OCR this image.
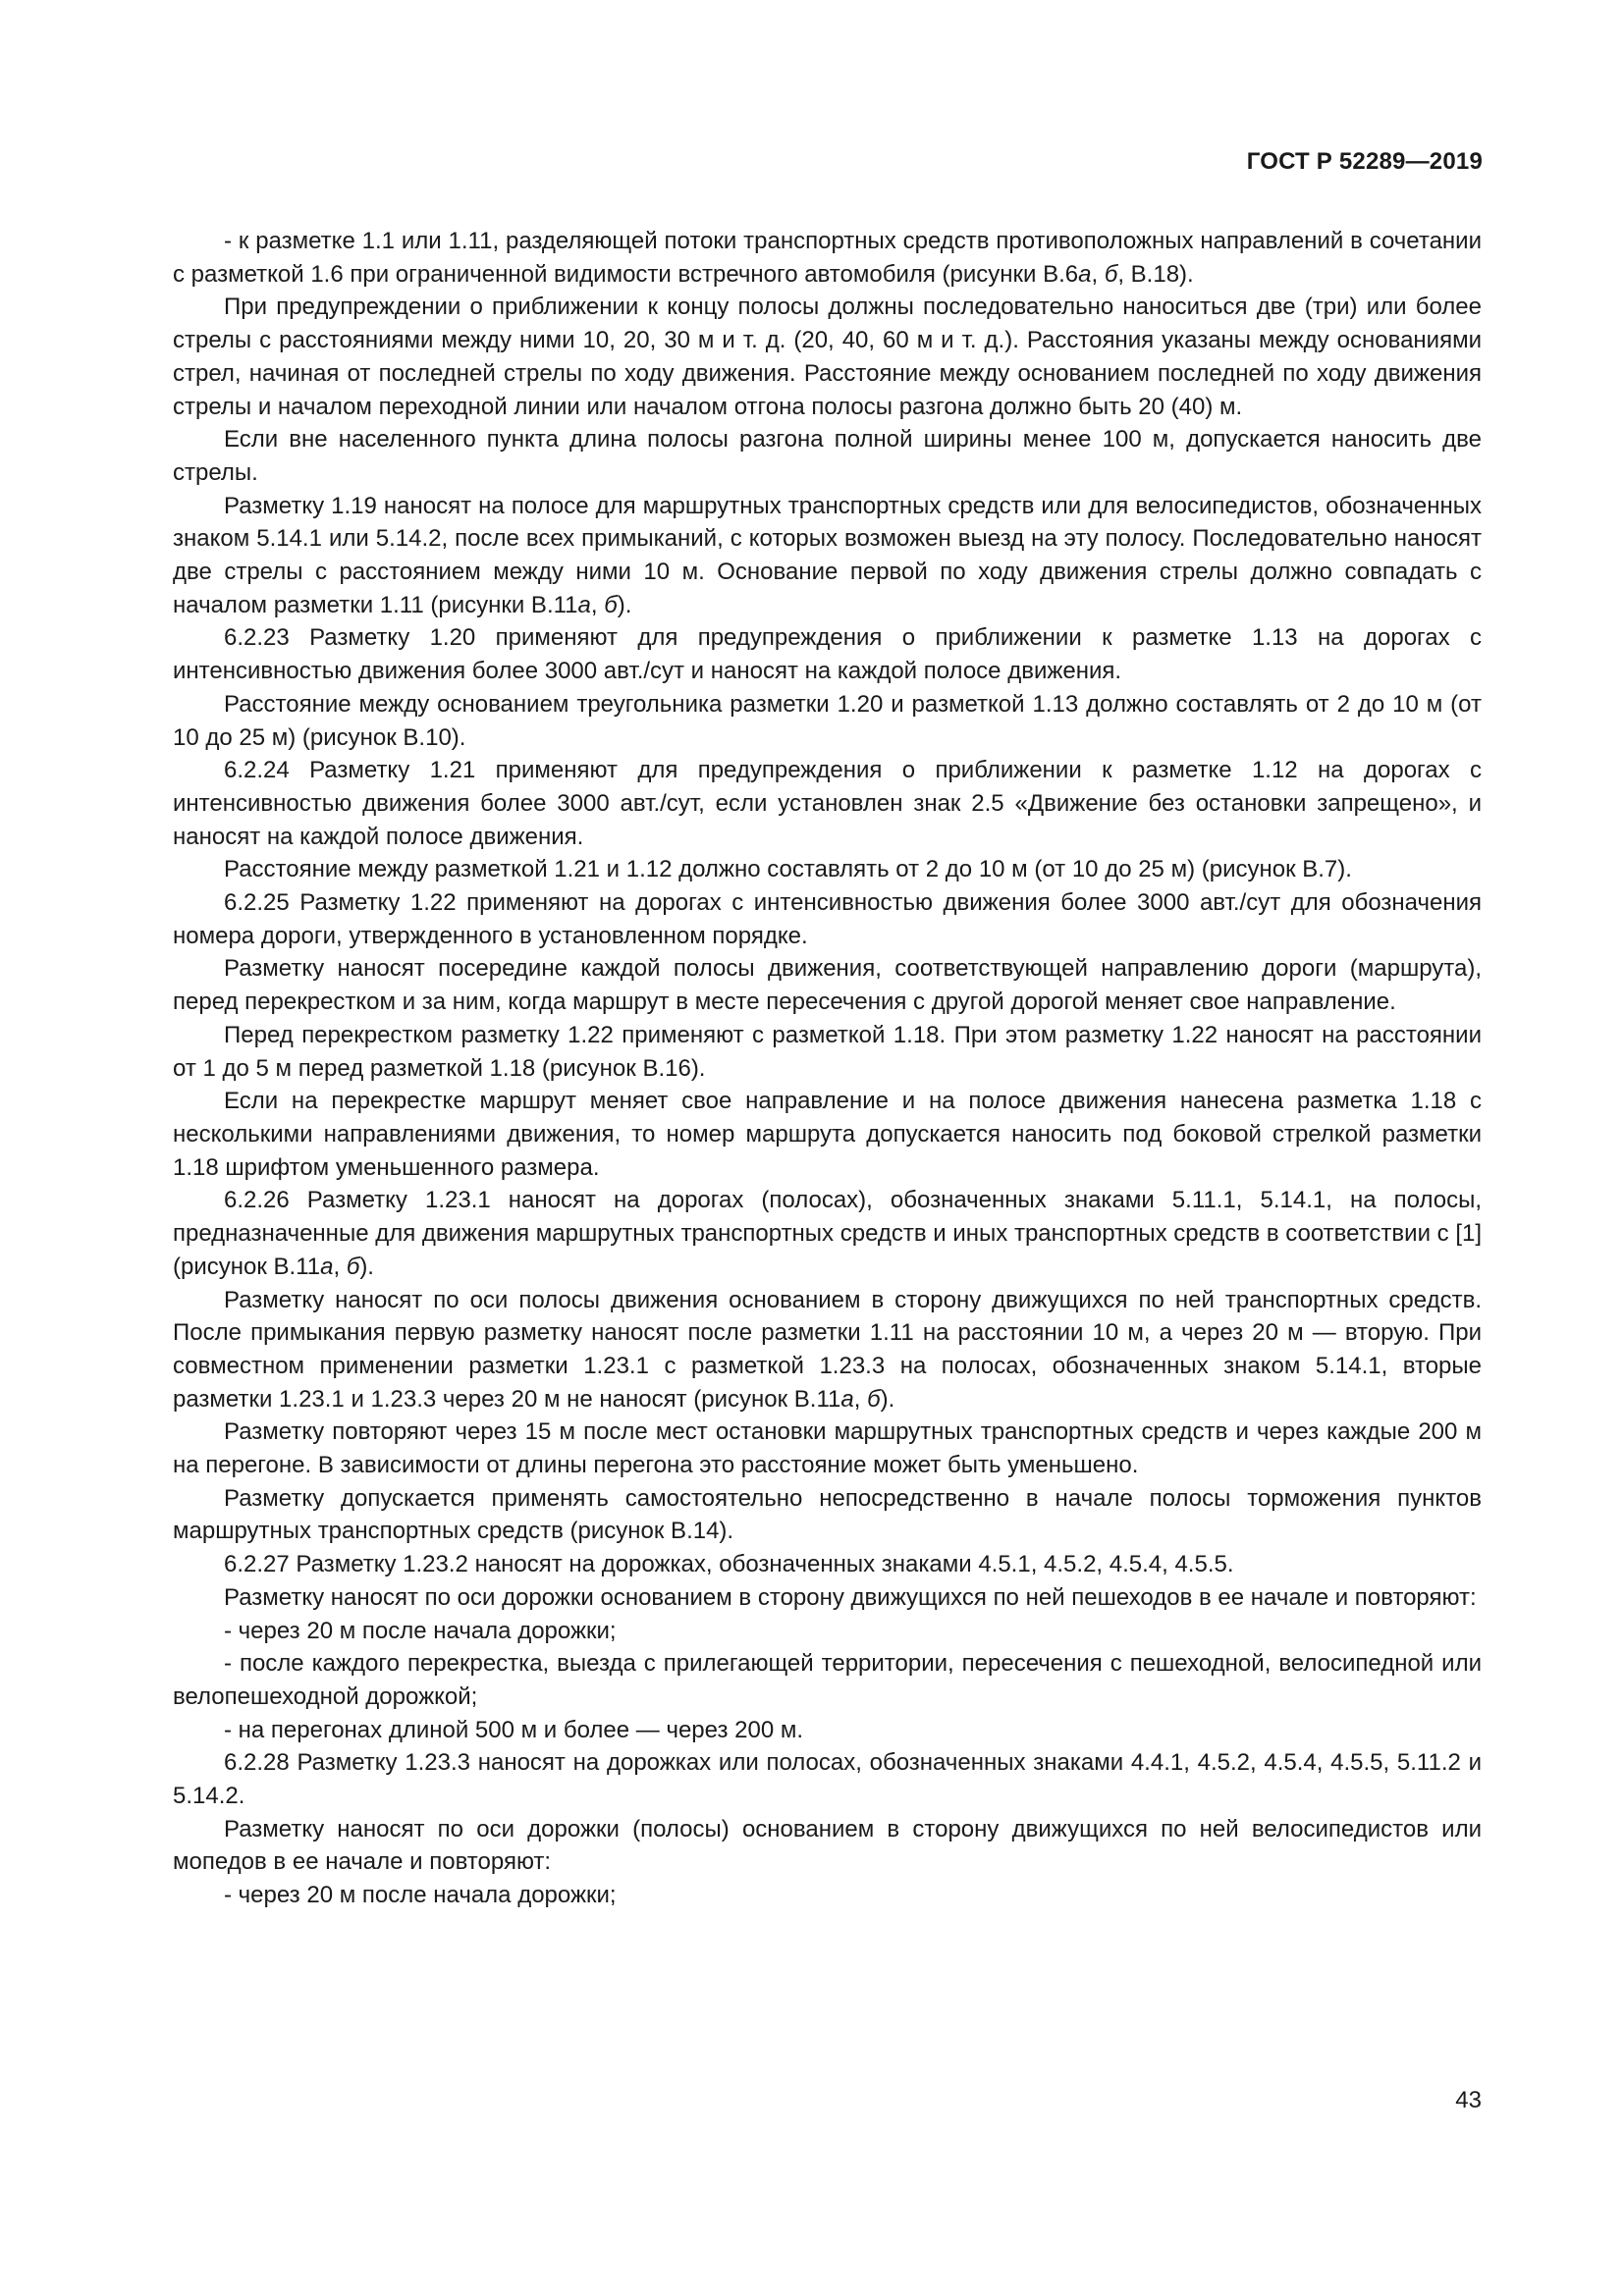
ГОСТ Р 52289—2019

- к разметке 1.1 или 1.11, разделяющей потоки транспортных средств противоположных направлений в сочетании с разметкой 1.6 при ограниченной видимости встречного автомобиля (рисунки В.6а, б, В.18).

При предупреждении о приближении к концу полосы должны последовательно наноситься две (три) или более стрелы с расстояниями между ними 10, 20, 30 м и т. д. (20, 40, 60 м и т. д.). Расстояния указаны между основаниями стрел, начиная от последней стрелы по ходу движения. Расстояние между основанием последней по ходу движения стрелы и началом переходной линии или началом отгона полосы разгона должно быть 20 (40) м.

Если вне населенного пункта длина полосы разгона полной ширины менее 100 м, допускается наносить две стрелы.

Разметку 1.19 наносят на полосе для маршрутных транспортных средств или для велосипедистов, обозначенных знаком 5.14.1 или 5.14.2, после всех примыканий, с которых возможен выезд на эту полосу. Последовательно наносят две стрелы с расстоянием между ними 10 м. Основание первой по ходу движения стрелы должно совпадать с началом разметки 1.11 (рисунки В.11а, б).

6.2.23 Разметку 1.20 применяют для предупреждения о приближении к разметке 1.13 на дорогах с интенсивностью движения более 3000 авт./сут и наносят на каждой полосе движения.

Расстояние между основанием треугольника разметки 1.20 и разметкой 1.13 должно составлять от 2 до 10 м (от 10 до 25 м) (рисунок В.10).

6.2.24 Разметку 1.21 применяют для предупреждения о приближении к разметке 1.12 на дорогах с интенсивностью движения более 3000 авт./сут, если установлен знак 2.5 «Движение без остановки запрещено», и наносят на каждой полосе движения.

Расстояние между разметкой 1.21 и 1.12 должно составлять от 2 до 10 м (от 10 до 25 м) (рисунок В.7).

6.2.25 Разметку 1.22 применяют на дорогах с интенсивностью движения более 3000 авт./сут для обозначения номера дороги, утвержденного в установленном порядке.

Разметку наносят посередине каждой полосы движения, соответствующей направлению дороги (маршрута), перед перекрестком и за ним, когда маршрут в месте пересечения с другой дорогой меняет свое направление.

Перед перекрестком разметку 1.22 применяют с разметкой 1.18. При этом разметку 1.22 наносят на расстоянии от 1 до 5 м перед разметкой 1.18 (рисунок В.16).

Если на перекрестке маршрут меняет свое направление и на полосе движения нанесена разметка 1.18 с несколькими направлениями движения, то номер маршрута допускается наносить под боковой стрелкой разметки 1.18 шрифтом уменьшенного размера.

6.2.26 Разметку 1.23.1 наносят на дорогах (полосах), обозначенных знаками 5.11.1, 5.14.1, на полосы, предназначенные для движения маршрутных транспортных средств и иных транспортных средств в соответствии с [1] (рисунок В.11а, б).

Разметку наносят по оси полосы движения основанием в сторону движущихся по ней транспортных средств. После примыкания первую разметку наносят после разметки 1.11 на расстоянии 10 м, а через 20 м — вторую. При совместном применении разметки 1.23.1 с разметкой 1.23.3 на полосах, обозначенных знаком 5.14.1, вторые разметки 1.23.1 и 1.23.3 через 20 м не наносят (рисунок В.11а, б).

Разметку повторяют через 15 м после мест остановки маршрутных транспортных средств и через каждые 200 м на перегоне. В зависимости от длины перегона это расстояние может быть уменьшено.

Разметку допускается применять самостоятельно непосредственно в начале полосы торможения пунктов маршрутных транспортных средств (рисунок В.14).

6.2.27 Разметку 1.23.2 наносят на дорожках, обозначенных знаками 4.5.1, 4.5.2, 4.5.4, 4.5.5.

Разметку наносят по оси дорожки основанием в сторону движущихся по ней пешеходов в ее начале и повторяют:

- через 20 м после начала дорожки;

- после каждого перекрестка, выезда с прилегающей территории, пересечения с пешеходной, велосипедной или велопешеходной дорожкой;

- на перегонах длиной 500 м и более — через 200 м.

6.2.28 Разметку 1.23.3 наносят на дорожках или полосах, обозначенных знаками 4.4.1, 4.5.2, 4.5.4, 4.5.5, 5.11.2 и 5.14.2.

Разметку наносят по оси дорожки (полосы) основанием в сторону движущихся по ней велосипедистов или мопедов в ее начале и повторяют:

- через 20 м после начала дорожки;

43
